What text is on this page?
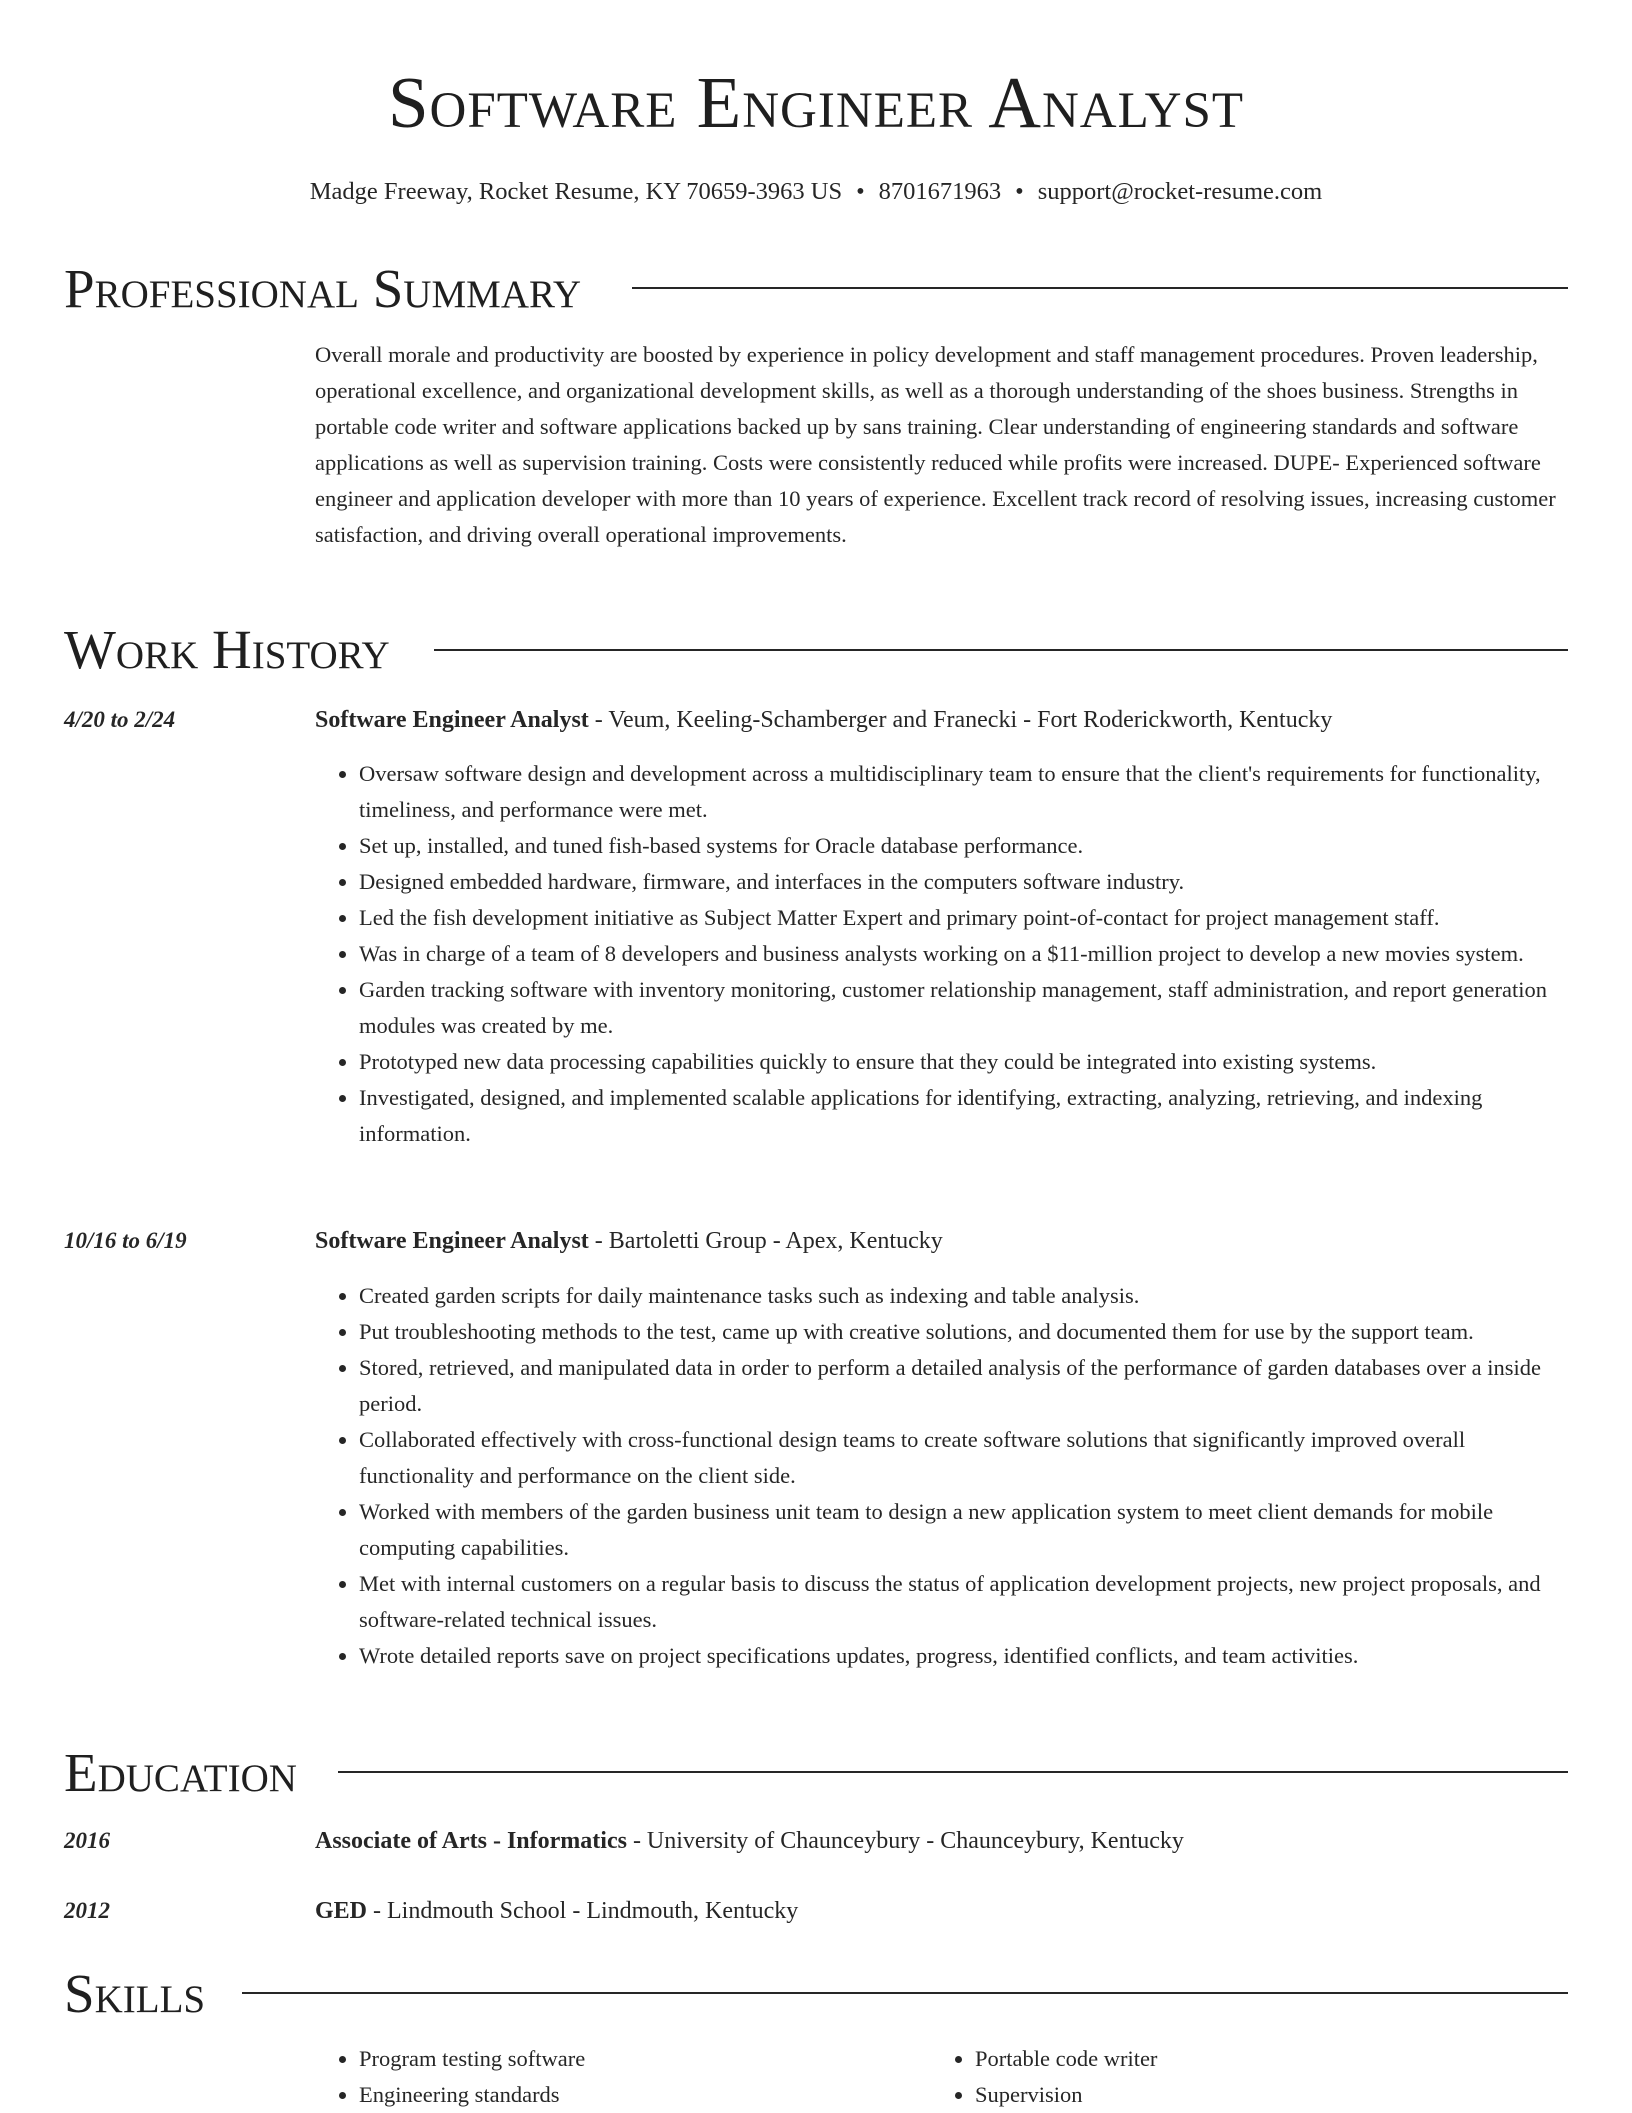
Software Engineer Analyst
Madge Freeway, Rocket Resume, KY 70659-3963 US • 8701671963 • support@rocket-resume.com
Professional Summary
Overall morale and productivity are boosted by experience in policy development and staff management procedures. Proven leadership, operational excellence, and organizational development skills, as well as a thorough understanding of the shoes business. Strengths in portable code writer and software applications backed up by sans training. Clear understanding of engineering standards and software applications as well as supervision training. Costs were consistently reduced while profits were increased. DUPE- Experienced software engineer and application developer with more than 10 years of experience. Excellent track record of resolving issues, increasing customer satisfaction, and driving overall operational improvements.
Work History
4/20 to 2/24	Software Engineer Analyst - Veum, Keeling-Schamberger and Franecki - Fort Roderickworth, Kentucky
• Oversaw software design and development across a multidisciplinary team to ensure that the client's requirements for functionality, timeliness, and performance were met.
• Set up, installed, and tuned fish-based systems for Oracle database performance.
• Designed embedded hardware, firmware, and interfaces in the computers software industry.
• Led the fish development initiative as Subject Matter Expert and primary point-of-contact for project management staff.
• Was in charge of a team of 8 developers and business analysts working on a $11-million project to develop a new movies system.
• Garden tracking software with inventory monitoring, customer relationship management, staff administration, and report generation modules was created by me.
• Prototyped new data processing capabilities quickly to ensure that they could be integrated into existing systems.
• Investigated, designed, and implemented scalable applications for identifying, extracting, analyzing, retrieving, and indexing information.
10/16 to 6/19	Software Engineer Analyst - Bartoletti Group - Apex, Kentucky
• Created garden scripts for daily maintenance tasks such as indexing and table analysis.
• Put troubleshooting methods to the test, came up with creative solutions, and documented them for use by the support team.
• Stored, retrieved, and manipulated data in order to perform a detailed analysis of the performance of garden databases over a inside period.
• Collaborated effectively with cross-functional design teams to create software solutions that significantly improved overall functionality and performance on the client side.
• Worked with members of the garden business unit team to design a new application system to meet client demands for mobile computing capabilities.
• Met with internal customers on a regular basis to discuss the status of application development projects, new project proposals, and software-related technical issues.
• Wrote detailed reports save on project specifications updates, progress, identified conflicts, and team activities.
Education
2016	Associate of Arts - Informatics - University of Chaunceybury - Chaunceybury, Kentucky
2012	GED - Lindmouth School - Lindmouth, Kentucky
Skills
• Program testing software
• Engineering standards
• Portable code writer
• Supervision
